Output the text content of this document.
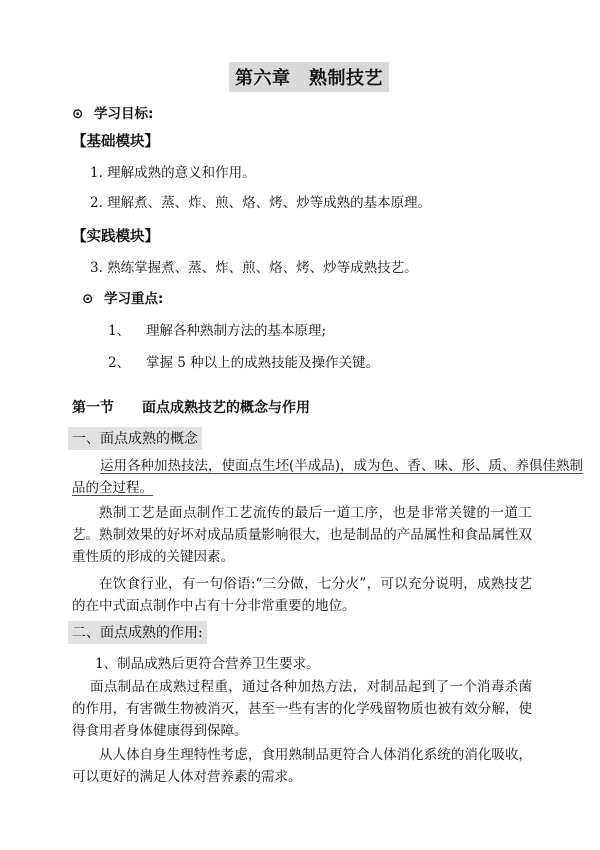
第六章　熟制技艺
⊙ 学习目标:
【基础模块】
1. 理解成熟的意义和作用。
2. 理解煮、蒸、炸、煎、烙、烤、炒等成熟的基本原理。
【实践模块】
3. 熟练掌握煮、蒸、炸、煎、烙、烤、炒等成熟技艺。
⊙ 学习重点:
1、 理解各种熟制方法的基本原理;
2、 掌握 5 种以上的成熟技能及操作关键。
第一节 面点成熟技艺的概念与作用
一、面点成熟的概念
运用各种加热技法，使面点生坯(半成品)，成为色、香、味、形、质、养俱佳熟制
品的全过程。
熟制工艺是面点制作工艺流传的最后一道工序，也是非常关键的一道工艺。熟制效果的好坏对成品质量影响很大，也是制品的产品属性和食品属性双重性质的形成的关键因素。
在饮食行业，有一句俗语:“三分做，七分火”，可以充分说明，成熟技艺的在中式面点制作中占有十分非常重要的地位。
二、面点成熟的作用:
1、制品成熟后更符合营养卫生要求。
面点制品在成熟过程重，通过各种加热方法，对制品起到了一个消毒杀菌的作用，有害微生物被消灭，甚至一些有害的化学残留物质也被有效分解，使得食用者身体健康得到保障。
从人体自身生理特性考虑，食用熟制品更符合人体消化系统的消化吸收，可以更好的满足人体对营养素的需求。
